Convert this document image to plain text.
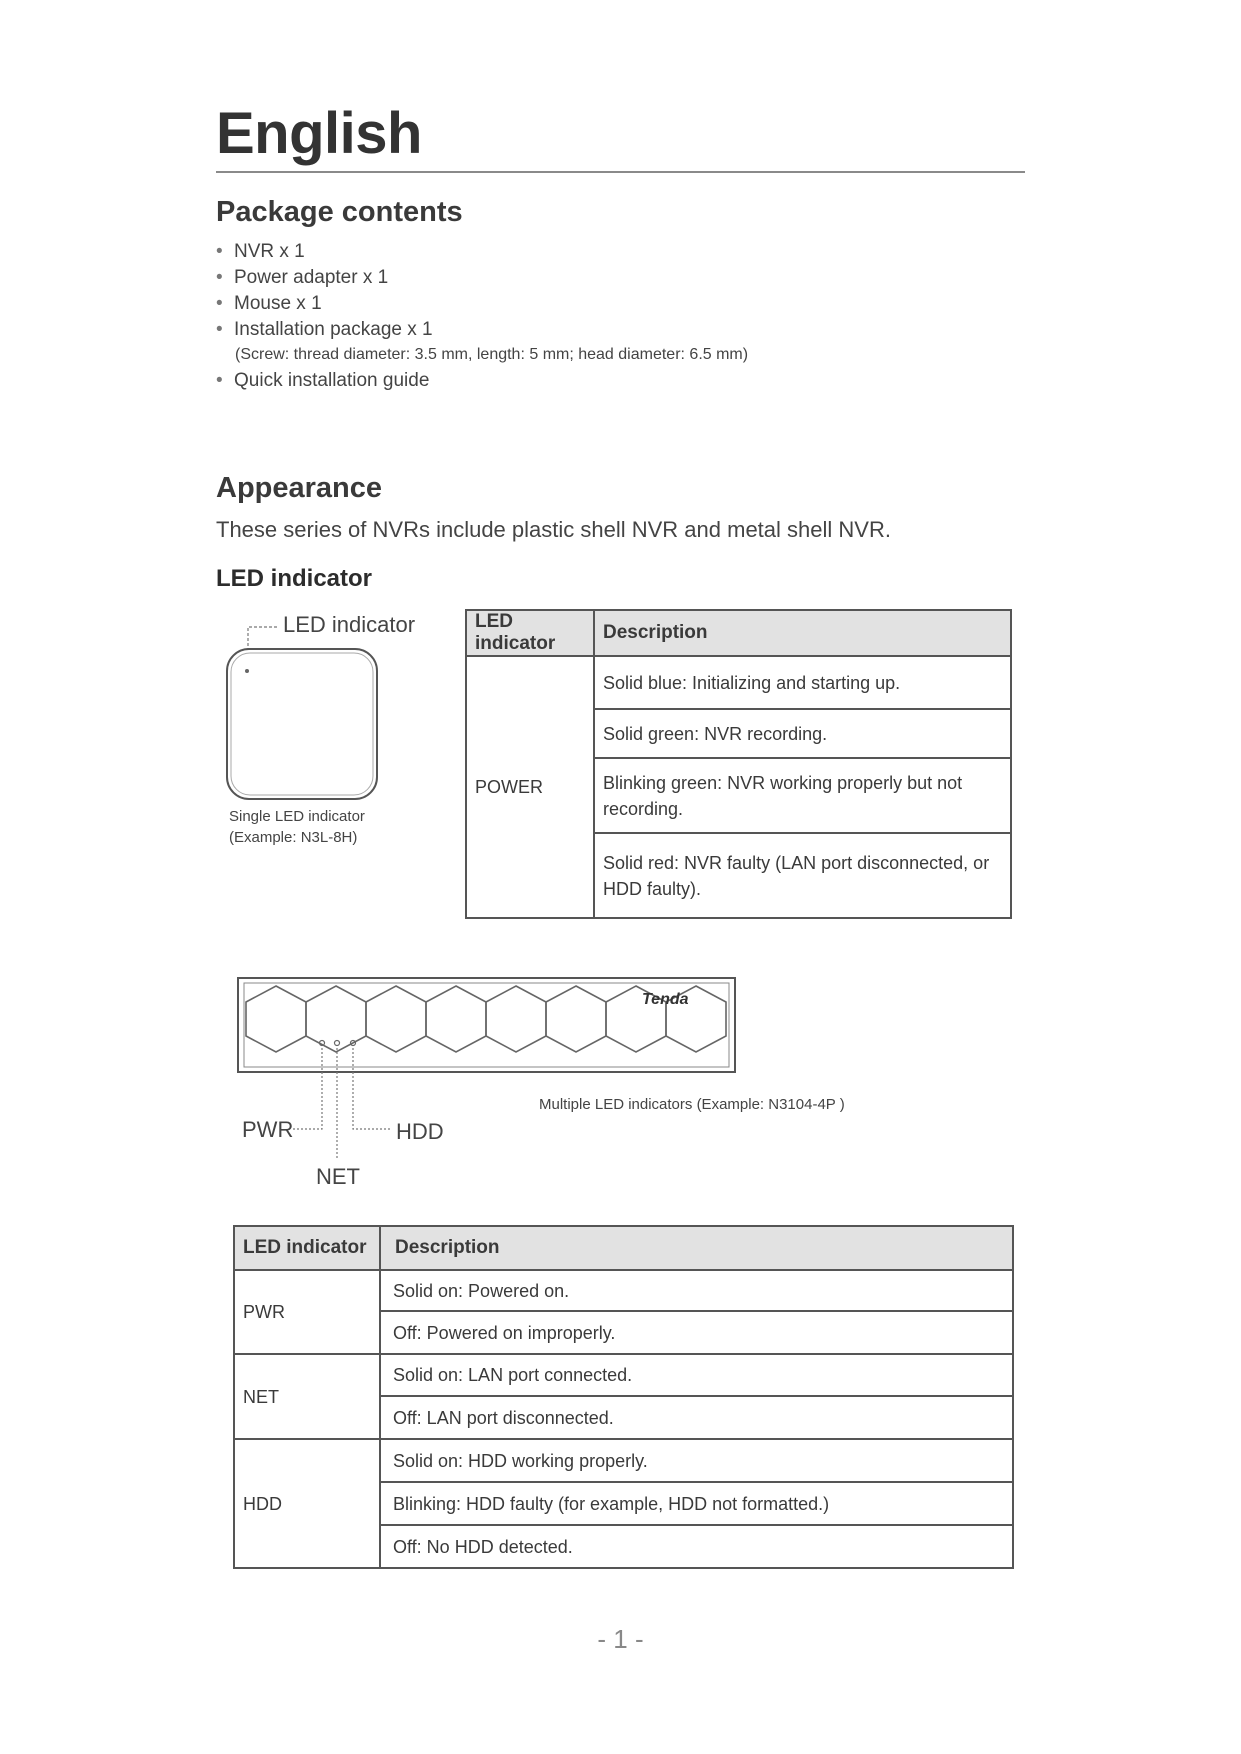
English
Package contents
• NVR x 1
• Power adapter x 1
• Mouse x 1
• Installation package x 1
(Screw: thread diameter: 3.5 mm, length: 5 mm; head diameter: 6.5 mm)
• Quick installation guide
Appearance
These series of NVRs include plastic shell NVR and metal shell NVR.
LED indicator
LED indicator
Single LED indicator
(Example: N3L-8H)
LED indicator	Description
POWER	Solid blue: Initializing and starting up.
	Solid green: NVR recording.
	Blinking green: NVR working properly but not recording.
	Solid red: NVR faulty (LAN port disconnected, or HDD faulty).
Tenda
PWR	HDD
NET
Multiple LED indicators (Example: N3104-4P )
LED indicator	Description
PWR	Solid on: Powered on.
	Off: Powered on improperly.
NET	Solid on: LAN port connected.
	Off: LAN port disconnected.
HDD	Solid on: HDD working properly.
	Blinking: HDD faulty (for example, HDD not formatted.)
	Off: No HDD detected.
- 1 -
